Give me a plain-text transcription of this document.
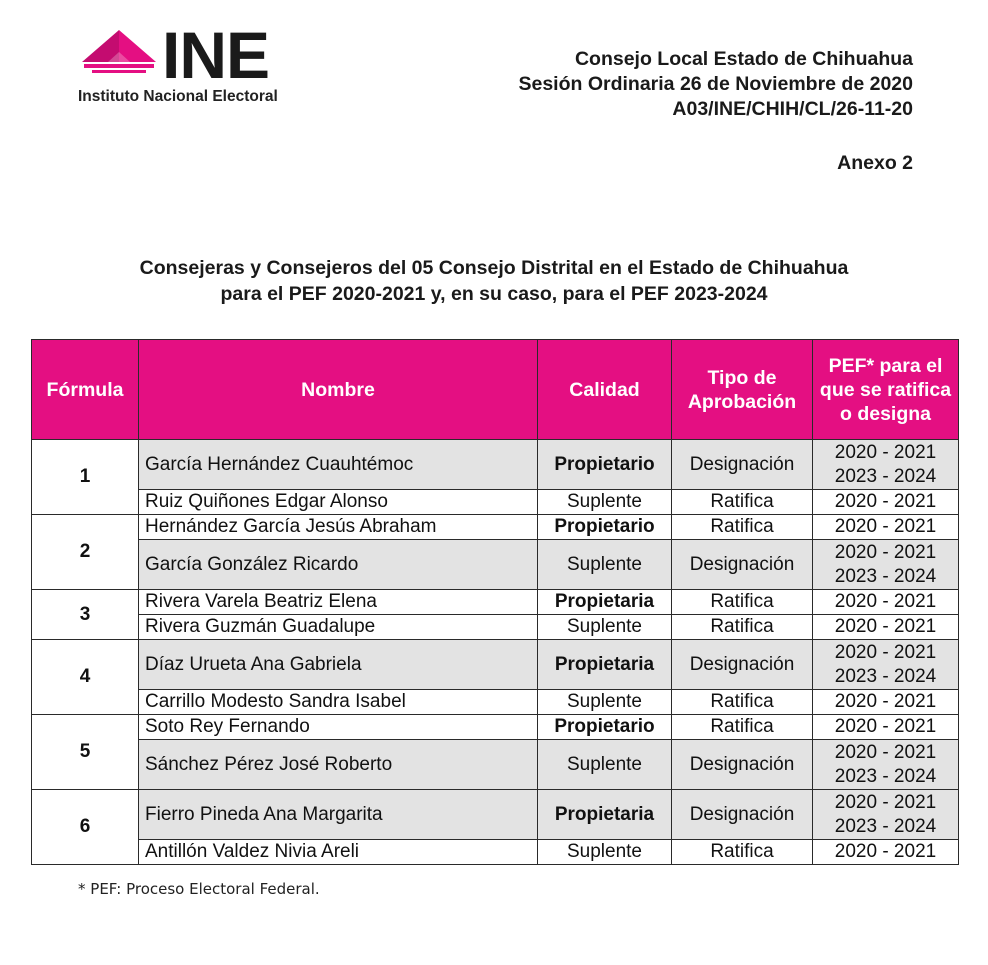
INE
Instituto Nacional Electoral
Consejo Local Estado de Chihuahua
Sesión Ordinaria 26 de Noviembre de 2020
A03/INE/CHIH/CL/26-11-20
Anexo 2
Consejeras y Consejeros del 05 Consejo Distrital en el Estado de Chihuahua
para el PEF 2020-2021 y, en su caso, para el PEF 2023-2024
Fórmula	Nombre	Calidad	Tipo de Aprobación	PEF* para el que se ratifica o designa
1	García Hernández Cuauhtémoc	Propietario	Designación	2020 - 2021
2023 - 2024

	Ruiz Quiñones Edgar Alonso	Suplente	Ratifica	2020 - 2021
2	Hernández García Jesús Abraham	Propietario	Ratifica	2020 - 2021
	García González Ricardo	Suplente	Designación	2020 - 2021
2023 - 2024

3	Rivera Varela Beatriz Elena	Propietaria	Ratifica	2020 - 2021
	Rivera Guzmán Guadalupe	Suplente	Ratifica	2020 - 2021
4	Díaz Urueta Ana Gabriela	Propietaria	Designación	2020 - 2021
2023 - 2024

	Carrillo Modesto Sandra Isabel	Suplente	Ratifica	2020 - 2021
5	Soto Rey Fernando	Propietario	Ratifica	2020 - 2021
	Sánchez Pérez José Roberto	Suplente	Designación	2020 - 2021
2023 - 2024

6	Fierro Pineda Ana Margarita	Propietaria	Designación	2020 - 2021
2023 - 2024

	Antillón Valdez Nivia Areli	Suplente	Ratifica	2020 - 2021
* PEF: Proceso Electoral Federal.
